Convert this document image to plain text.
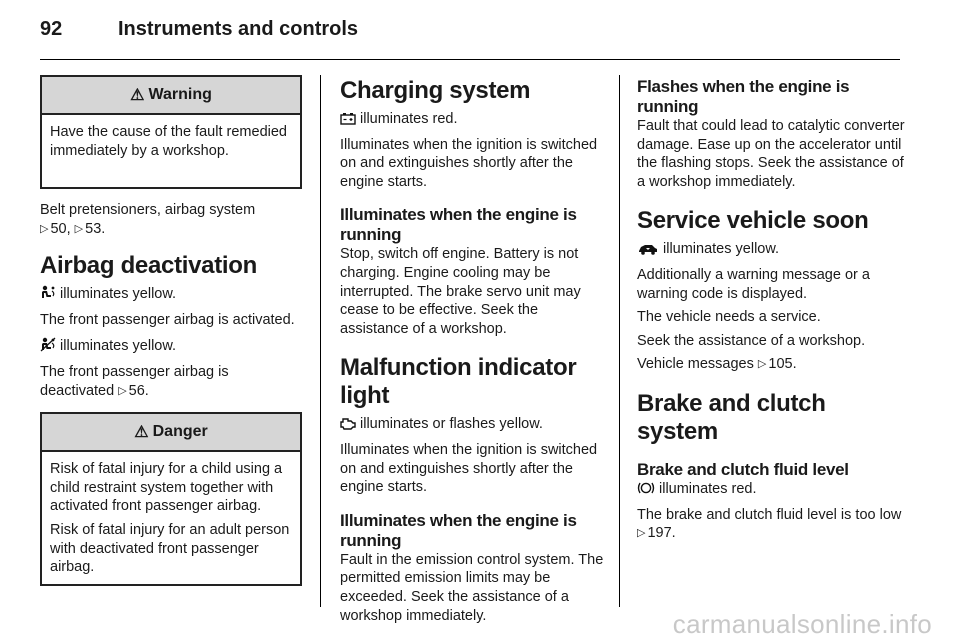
92	Instruments and controls
⚠ Warning

Have the cause of the fault remedied immediately by a workshop.

Belt pretensioners, airbag system
▷ 50, ▷ 53.

Airbag deactivation

illuminates yellow.

The front passenger airbag is activated.

illuminates yellow.

The front passenger airbag is deactivated ▷ 56.

⚠ Danger

Risk of fatal injury for a child using a child restraint system together with activated front passenger airbag.

Risk of fatal injury for an adult person with deactivated front passenger airbag.

Charging system

illuminates red.

Illuminates when the ignition is switched on and extinguishes shortly after the engine starts.

Illuminates when the engine is running

Stop, switch off engine. Battery is not charging. Engine cooling may be interrupted. The brake servo unit may cease to be effective. Seek the assistance of a workshop.

Malfunction indicator light

illuminates or flashes yellow.

Illuminates when the ignition is switched on and extinguishes shortly after the engine starts.

Illuminates when the engine is running

Fault in the emission control system. The permitted emission limits may be exceeded. Seek the assistance of a workshop immediately.

Flashes when the engine is running

Fault that could lead to catalytic converter damage. Ease up on the accelerator until the flashing stops. Seek the assistance of a workshop immediately.

Service vehicle soon

illuminates yellow.

Additionally a warning message or a warning code is displayed.

The vehicle needs a service.

Seek the assistance of a workshop.

Vehicle messages ▷ 105.

Brake and clutch system
Brake and clutch fluid level

illuminates red.

The brake and clutch fluid level is too low ▷ 197.

carmanualsonline.info
